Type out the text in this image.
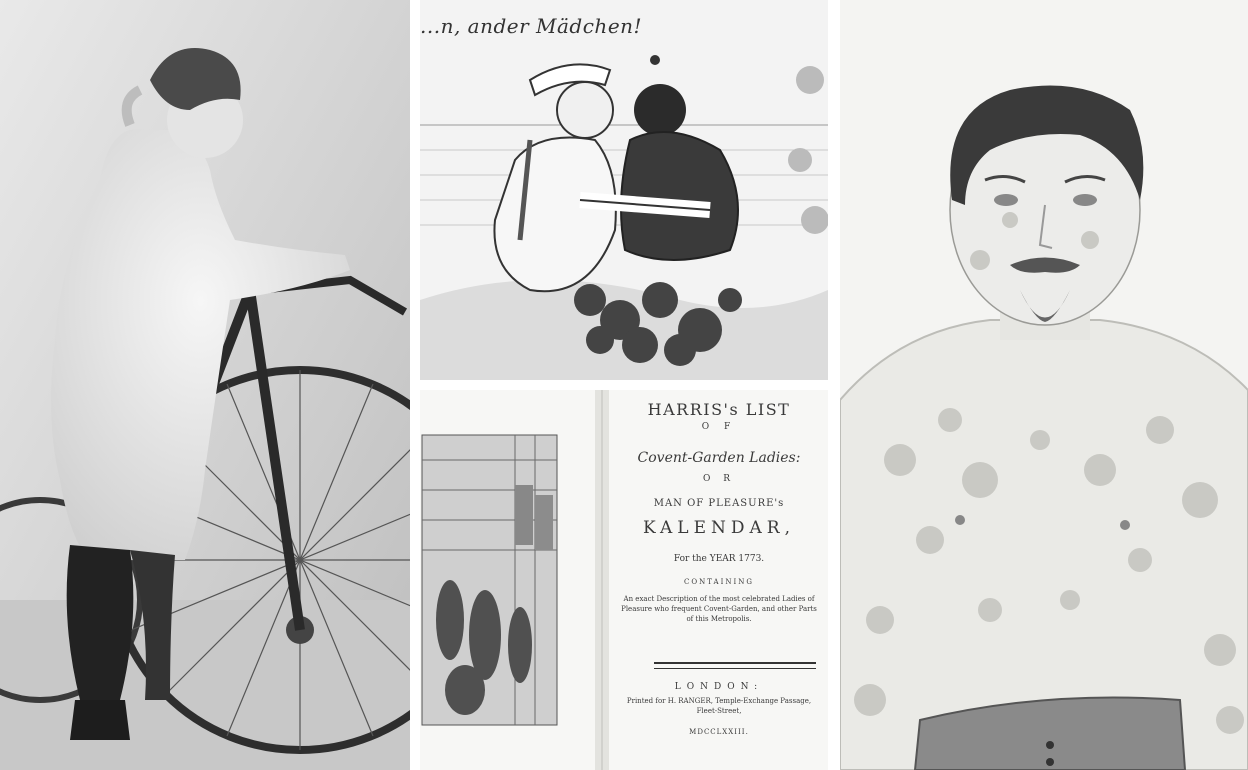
...n, ander Mädchen!
HARRIS's LIST
O F
Covent-Garden Ladies:
O R
MAN OF PLEASURE's
KALENDAR,
For the YEAR 1773.
CONTAINING
An exact Description of the most celebrated Ladies of Pleasure who frequent Covent-Garden, and other Parts of this Metropolis.
LONDON:
Printed for H. RANGER, Temple-Exchange Passage, Fleet-Street,
MDCCLXXIII.
